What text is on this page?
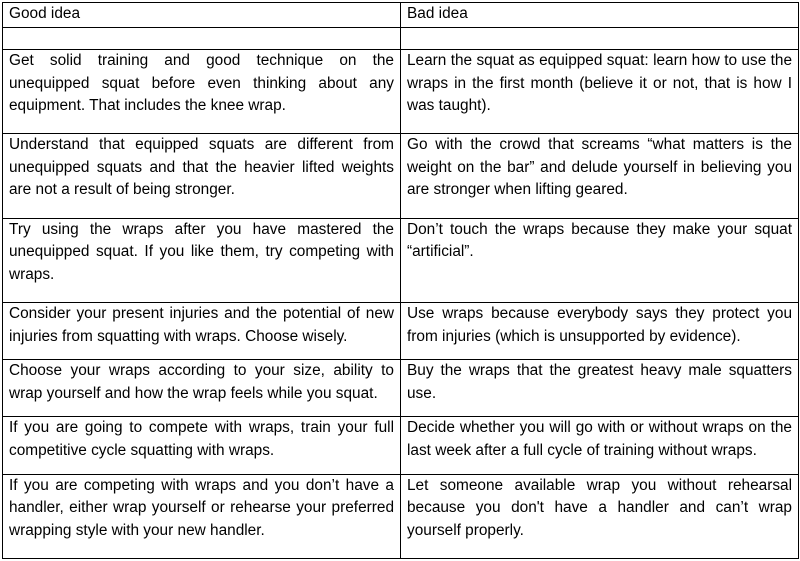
Good idea	Bad idea

Get solid training and good technique on the unequipped squat before even thinking about any equipment. That includes the knee wrap.	Learn the squat as equipped squat: learn how to use the wraps in the first month (believe it or not, that is how I was taught).
Understand that equipped squats are different from unequipped squats and that the heavier lifted weights are not a result of being stronger.	Go with the crowd that screams “what matters is the weight on the bar” and delude yourself in believing you are stronger when lifting geared.
Try using the wraps after you have mastered the unequipped squat. If you like them, try competing with wraps.	Don’t touch the wraps because they make your squat “artificial”.
Consider your present injuries and the potential of new injuries from squatting with wraps. Choose wisely.	Use wraps because everybody says they protect you from injuries (which is unsupported by evidence).
Choose your wraps according to your size, ability to wrap yourself and how the wrap feels while you squat.	Buy the wraps that the greatest heavy male squatters use.
If you are going to compete with wraps, train your full competitive cycle squatting with wraps.	Decide whether you will go with or without wraps on the last week after a full cycle of training without wraps.
If you are competing with wraps and you don’t have a handler, either wrap yourself or rehearse your preferred wrapping style with your new handler.	Let someone available wrap you without rehearsal because you don't have a handler and can’t wrap yourself properly.
